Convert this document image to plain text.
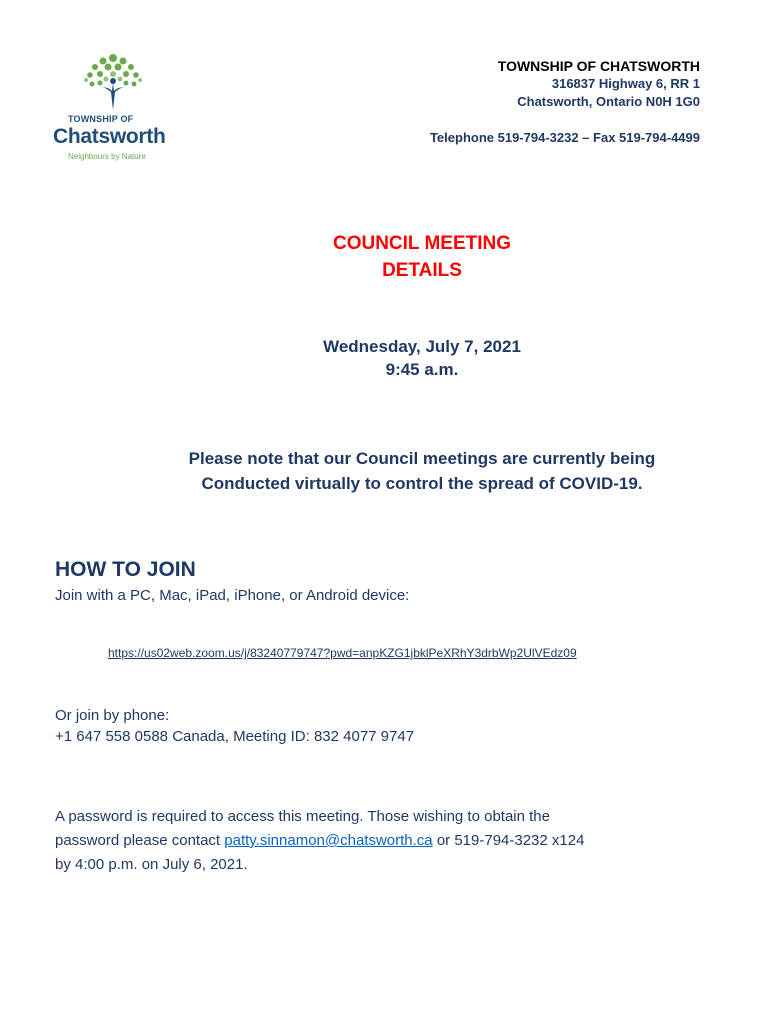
TOWNSHIP OF
Chatsworth
Neighbours by Nature
TOWNSHIP OF CHATSWORTH
316837 Highway 6, RR 1
Chatsworth, Ontario N0H 1G0
Telephone 519-794-3232 – Fax 519-794-4499
COUNCIL MEETING
DETAILS
Wednesday, July 7, 2021
9:45 a.m.
Please note that our Council meetings are currently being
Conducted virtually to control the spread of COVID-19.
HOW TO JOIN
Join with a PC, Mac, iPad, iPhone, or Android device:
https://us02web.zoom.us/j/83240779747?pwd=anpKZG1jbklPeXRhY3drbWp2UlVEdz09
Or join by phone:
+1 647 558 0588 Canada, Meeting ID: 832 4077 9747
A password is required to access this meeting. Those wishing to obtain the
password please contact patty.sinnamon@chatsworth.ca or 519-794-3232 x124
by 4:00 p.m. on July 6, 2021.
